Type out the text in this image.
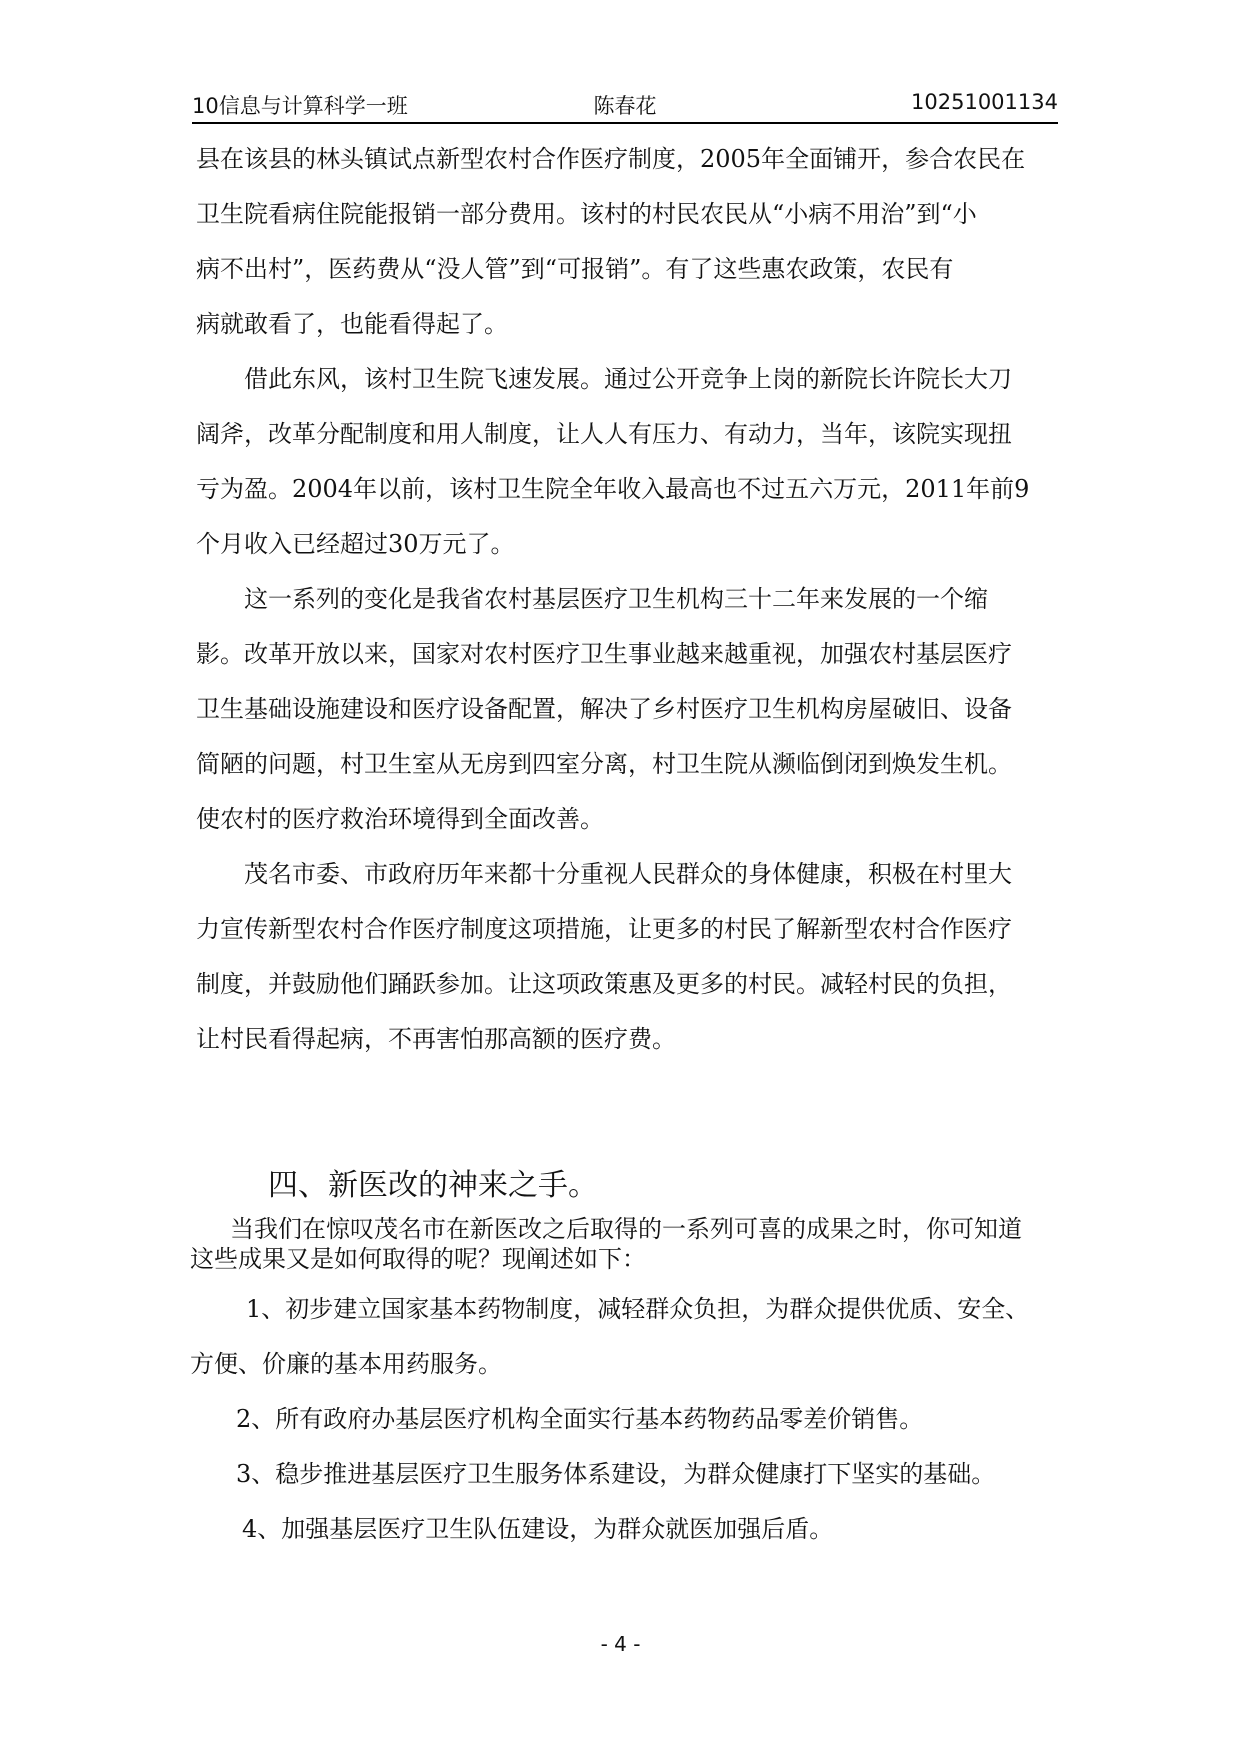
10信息与计算科学一班	陈春花	10251001134
县在该县的林头镇试点新型农村合作医疗制度，2005年全面铺开，参合农民在
卫生院看病住院能报销一部分费用。该村的村民农民从“小病不用治”到“小
病不出村”，医药费从“没人管”到“可报销”。有了这些惠农政策，农民有
病就敢看了，也能看得起了。
借此东风，该村卫生院飞速发展。通过公开竞争上岗的新院长许院长大刀
阔斧，改革分配制度和用人制度，让人人有压力、有动力，当年，该院实现扭
亏为盈。2004年以前，该村卫生院全年收入最高也不过五六万元，2011年前9
个月收入已经超过30万元了。
这一系列的变化是我省农村基层医疗卫生机构三十二年来发展的一个缩
影。改革开放以来，国家对农村医疗卫生事业越来越重视，加强农村基层医疗
卫生基础设施建设和医疗设备配置，解决了乡村医疗卫生机构房屋破旧、设备
简陋的问题，村卫生室从无房到四室分离，村卫生院从濒临倒闭到焕发生机。
使农村的医疗救治环境得到全面改善。
茂名市委、市政府历年来都十分重视人民群众的身体健康，积极在村里大
力宣传新型农村合作医疗制度这项措施，让更多的村民了解新型农村合作医疗
制度，并鼓励他们踊跃参加。让这项政策惠及更多的村民。减轻村民的负担，
让村民看得起病，不再害怕那高额的医疗费。
四、新医改的神来之手。
当我们在惊叹茂名市在新医改之后取得的一系列可喜的成果之时，你可知道
这些成果又是如何取得的呢？现阐述如下：
1、初步建立国家基本药物制度，减轻群众负担，为群众提供优质、安全、
方便、价廉的基本用药服务。
2、所有政府办基层医疗机构全面实行基本药物药品零差价销售。
3、稳步推进基层医疗卫生服务体系建设，为群众健康打下坚实的基础。
4、加强基层医疗卫生队伍建设，为群众就医加强后盾。
- 4 -
